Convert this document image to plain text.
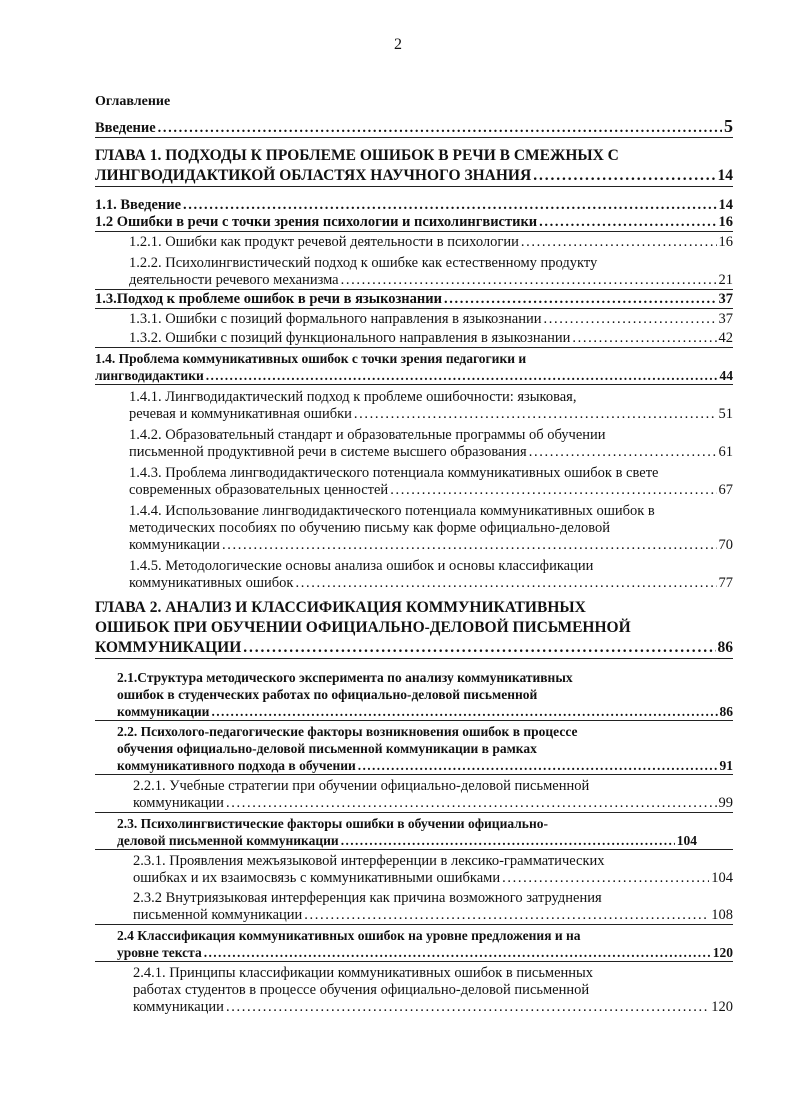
2
Оглавление
Введение . . .	5
ГЛАВА 1. ПОДХОДЫ К ПРОБЛЕМЕ ОШИБОК В РЕЧИ В СМЕЖНЫХ С
ЛИНГВОДИДАКТИКОЙ ОБЛАСТЯХ НАУЧНОГО ЗНАНИЯ . . .	14
1.1. Введение . . .	14
1.2 Ошибки в речи с точки зрения психологии и психолингвистики . . .	16
1.2.1. Ошибки как продукт речевой деятельности в психологии . . .	16
1.2.2. Психолингвистический подход к ошибке как естественному продукту
деятельности речевого механизма . . .	21
1.3.Подход к проблеме ошибок в речи в языкознании . . .	37
1.3.1. Ошибки с позиций формального направления в языкознании . . .	37
1.3.2. Ошибки с позиций функционального направления в языкознании . . .	42
1.4. Проблема коммуникативных ошибок с точки зрения педагогики и
лингводидактики . . .	44
1.4.1. Лингводидактический подход к проблеме ошибочности: языковая,
речевая и коммуникативная ошибки . . .	51
1.4.2. Образовательный стандарт и образовательные программы об обучении
письменной продуктивной речи в системе высшего образования . . .	61
1.4.3. Проблема лингводидактического потенциала коммуникативных ошибок в свете
современных образовательных ценностей . . .	67
1.4.4. Использование лингводидактического потенциала коммуникативных ошибок в
методических пособиях по обучению письму как форме официально-деловой
коммуникации . . .	70
1.4.5. Методологические основы анализа ошибок и основы классификации
коммуникативных ошибок . . .	77
ГЛАВА 2. АНАЛИЗ И КЛАССИФИКАЦИЯ КОММУНИКАТИВНЫХ
ОШИБОК ПРИ ОБУЧЕНИИ ОФИЦИАЛЬНО-ДЕЛОВОЙ ПИСЬМЕННОЙ
КОММУНИКАЦИИ . . .	86
2.1.Структура методического эксперимента по анализу коммуникативных
ошибок в студенческих работах по официально-деловой письменной
коммуникации . . .	86
2.2. Психолого-педагогические факторы возникновения ошибок в процессе
обучения официально-деловой письменной коммуникации в рамках
коммуникативного подхода в обучении . . .	91
2.2.1. Учебные стратегии при обучении официально-деловой письменной
коммуникации . . .	99
2.3. Психолингвистические факторы ошибки в обучении официально-
деловой письменной коммуникации . . .	104
2.3.1. Проявления межъязыковой интерференции в лексико-грамматических
ошибках и их взаимосвязь с коммуникативными ошибками . . .	104
2.3.2 Внутриязыковая интерференция как причина возможного затруднения
письменной коммуникации . . .	108
2.4 Классификация коммуникативных ошибок на уровне предложения и на
уровне текста . . .	120
2.4.1. Принципы классификации коммуникативных ошибок в письменных
работах студентов в процессе обучения официально-деловой письменной
коммуникации . . .	120
